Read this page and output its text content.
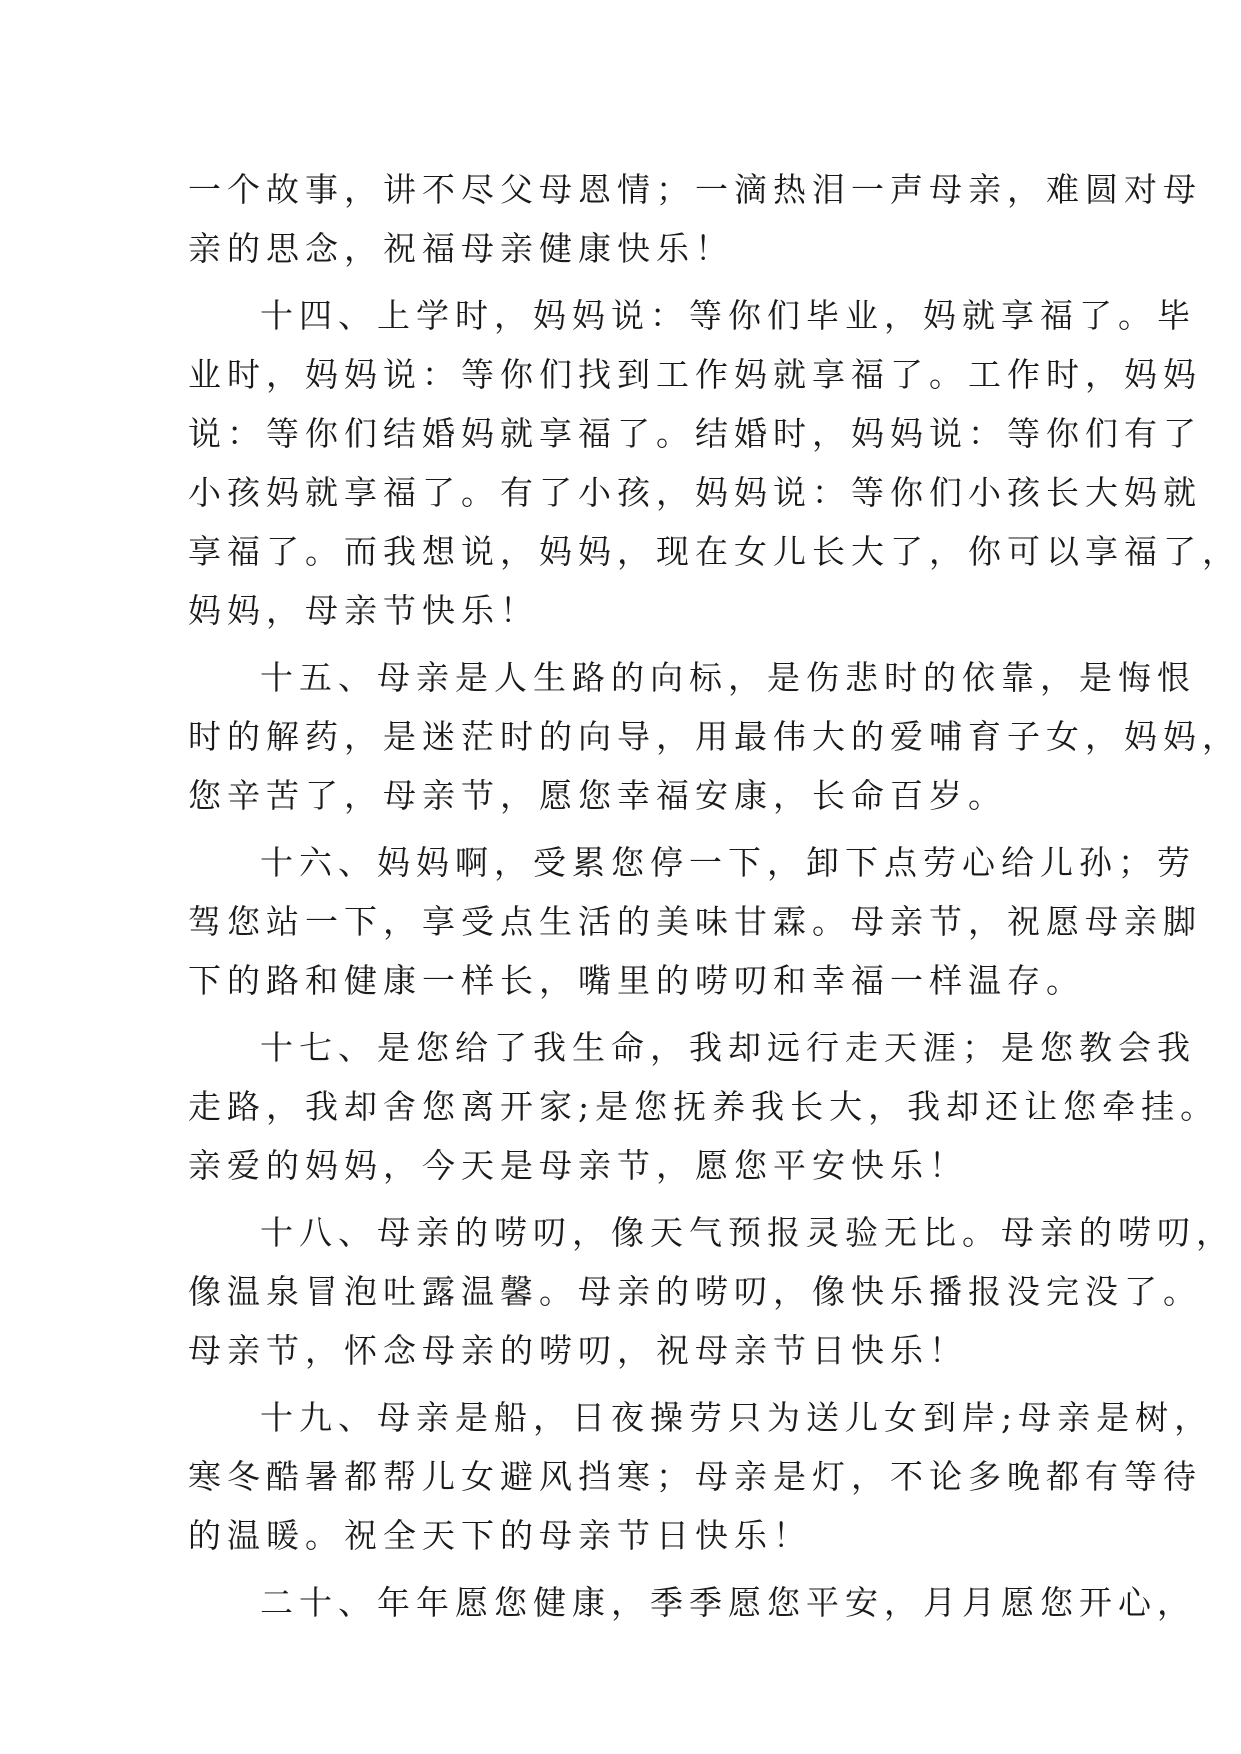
一个故事，讲不尽父母恩情；一滴热泪一声母亲，难圆对母
亲的思念，祝福母亲健康快乐！
十四、上学时，妈妈说：等你们毕业，妈就享福了。毕
业时，妈妈说：等你们找到工作妈就享福了。工作时，妈妈
说：等你们结婚妈就享福了。结婚时，妈妈说：等你们有了
小孩妈就享福了。有了小孩，妈妈说：等你们小孩长大妈就
享福了。而我想说，妈妈，现在女儿长大了，你可以享福了，
妈妈，母亲节快乐！
十五、母亲是人生路的向标，是伤悲时的依靠，是悔恨
时的解药，是迷茫时的向导，用最伟大的爱哺育子女，妈妈，
您辛苦了，母亲节，愿您幸福安康，长命百岁。
十六、妈妈啊，受累您停一下，卸下点劳心给儿孙；劳
驾您站一下，享受点生活的美味甘霖。母亲节，祝愿母亲脚
下的路和健康一样长，嘴里的唠叨和幸福一样温存。
十七、是您给了我生命，我却远行走天涯；是您教会我
走路，我却舍您离开家;是您抚养我长大，我却还让您牵挂。
亲爱的妈妈，今天是母亲节，愿您平安快乐！
十八、母亲的唠叨，像天气预报灵验无比。母亲的唠叨，
像温泉冒泡吐露温馨。母亲的唠叨，像快乐播报没完没了。
母亲节，怀念母亲的唠叨，祝母亲节日快乐！
十九、母亲是船，日夜操劳只为送儿女到岸;母亲是树，
寒冬酷暑都帮儿女避风挡寒；母亲是灯，不论多晚都有等待
的温暖。祝全天下的母亲节日快乐！
二十、年年愿您健康，季季愿您平安，月月愿您开心，
